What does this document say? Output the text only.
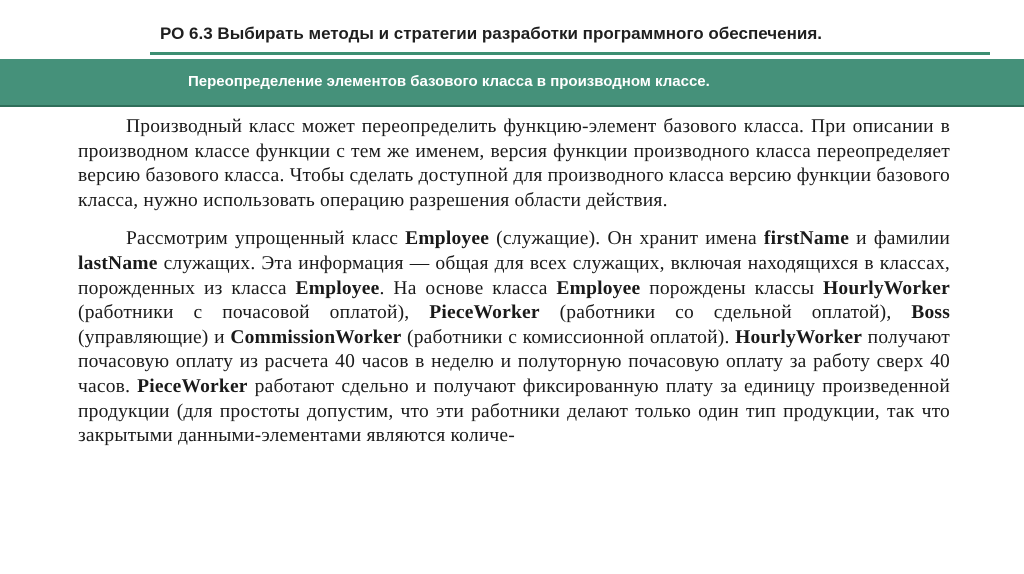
РО 6.3 Выбирать методы и стратегии разработки программного обеспечения.
Переопределение элементов базового класса в производном классе.

Производный класс может переопределить функцию-элемент базового класса. При описании в производном классе функции с тем же именем, версия функции производного класса переопределяет версию базового класса. Чтобы сделать доступной для производного класса версию функции базового класса, нужно использовать операцию разрешения области действия.

Рассмотрим упрощенный класс Employee (служащие). Он хранит имена firstName и фамилии lastName служащих. Эта информация — общая для всех служащих, включая находящихся в классах, порожденных из класса Employee. На основе класса Employee порождены классы HourlyWorker (работники с почасовой оплатой), PieceWorker (работники со сдельной оплатой), Boss (управляющие) и CommissionWorker (работники с комиссионной оплатой). HourlyWorker получают почасовую оплату из расчета 40 часов в неделю и полуторную почасовую оплату за работу сверх 40 часов. PieceWorker работают сдельно и получают фиксированную плату за единицу произведенной продукции (для простоты допустим, что эти работники делают только один тип продукции, так что закрытыми данными-элементами являются количе-
